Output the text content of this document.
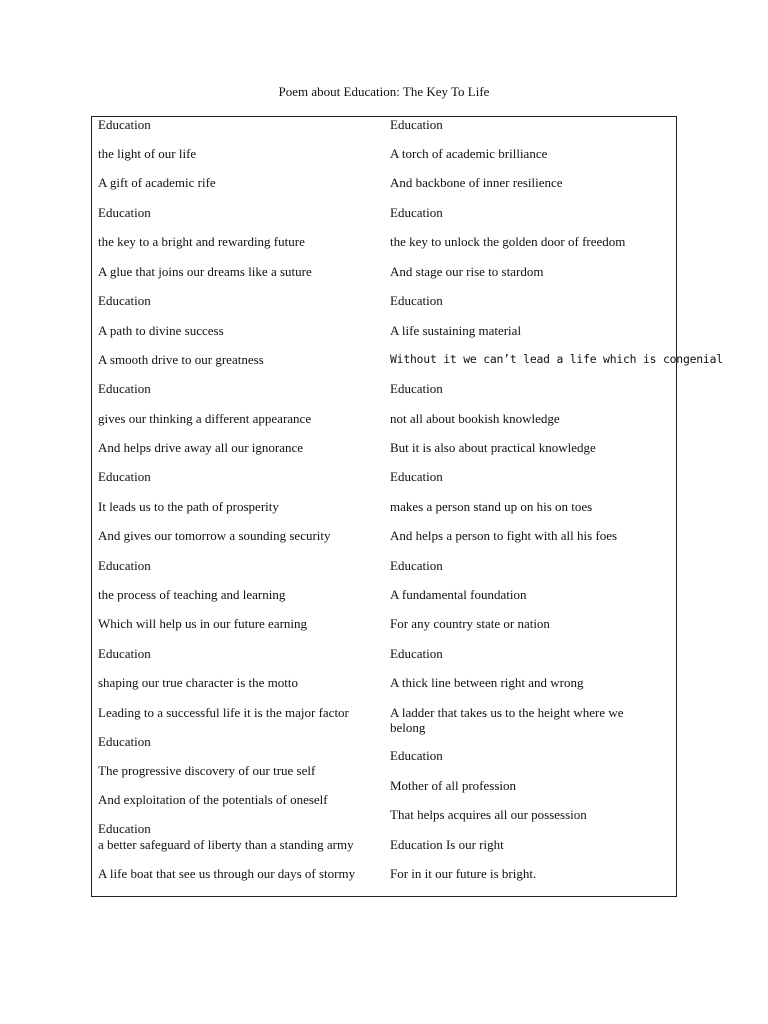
Poem about Education: The Key To Life
Education
the light of our life
A gift of academic rife
Education
the key to a bright and rewarding future
A glue that joins our dreams like a suture
Education
A path to divine success
A smooth drive to our greatness
Education
gives our thinking a different appearance
And helps drive away all our ignorance
Education
It leads us to the path of prosperity
And gives our tomorrow a sounding security
Education
the process of teaching and learning
Which will help us in our future earning
Education
shaping our true character is the motto
Leading to a successful life it is the major factor
Education
The progressive discovery of our true self
And exploitation of the potentials of oneself
Education
a better safeguard of liberty than a standing army
A life boat that see us through our days of stormy
Education
A torch of academic brilliance
And backbone of inner resilience
Education
the key to unlock the golden door of freedom
And stage our rise to stardom
Education
A life sustaining material
Without it we can’t lead a life which is congenial
Education
not all about bookish knowledge
But it is also about practical knowledge
Education
makes a person stand up on his on toes
And helps a person to fight with all his foes
Education
A fundamental foundation
For any country state or nation
Education
A thick line between right and wrong
A ladder that takes us to the height where we belong
Education
Mother of all profession
That helps acquires all our possession
Education Is our right
For in it our future is bright.
